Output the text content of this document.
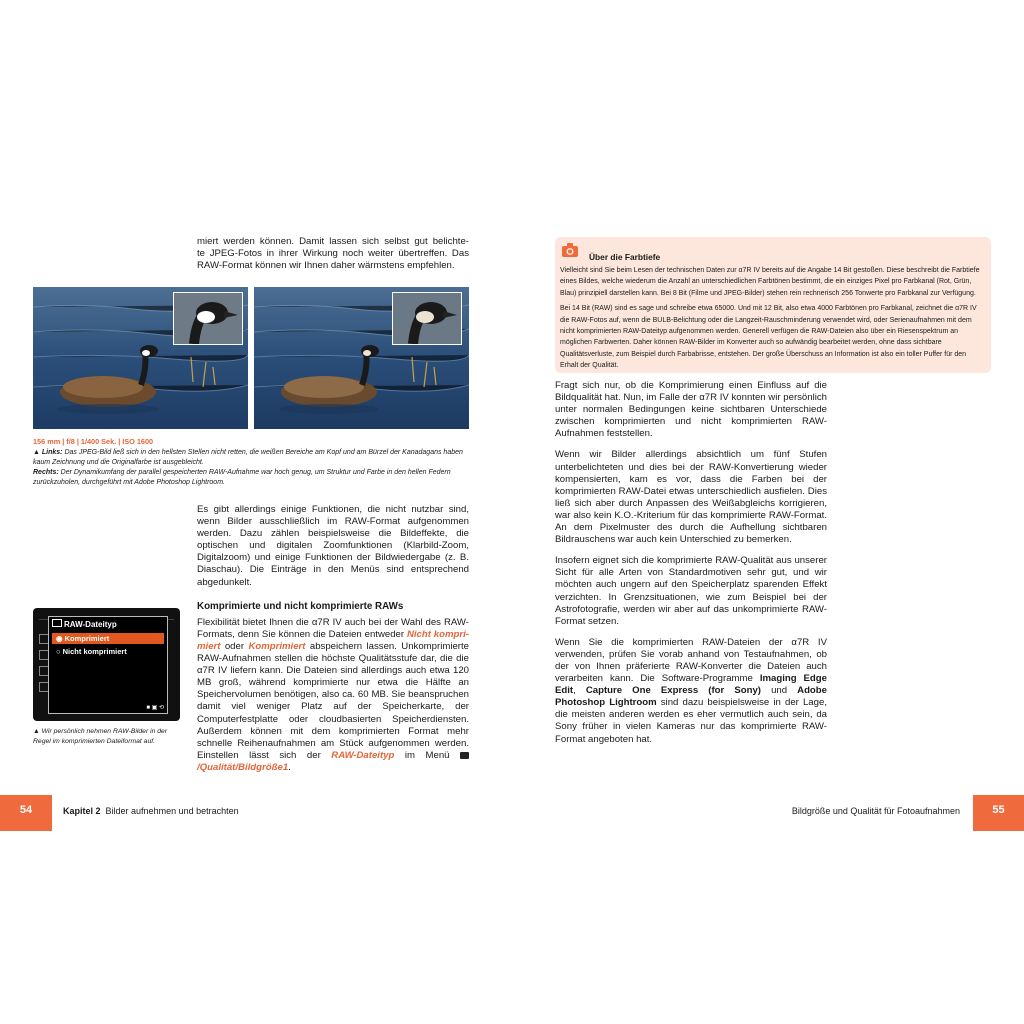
miert werden können. Damit lassen sich selbst gut belichte-
te JPEG-Fotos in ihrer Wirkung noch weiter übertreffen. Das
RAW-Format können wir Ihnen daher wärmstens empfehlen.
156 mm | f/8 | 1/400 Sek. | ISO 1600
▲ Links: Das JPEG-Bild ließ sich in den hellsten Stellen nicht retten, die weißen Bereiche am Kopf und am Bürzel der Kanadagans haben kaum Zeichnung und die Originalfarbe ist ausgebleicht.
Rechts: Der Dynamikumfang der parallel gespeicherten RAW-Aufnahme war hoch genug, um Struktur und Farbe in den hellen Federn zurückzuholen, durchgeführt mit Adobe Photoshop Lightroom.

Es gibt allerdings einige Funktionen, die nicht nutzbar sind, wenn Bilder ausschließlich im RAW-Format aufgenommen werden. Dazu zählen beispielsweise die Bildeffekte, die optischen und digitalen Zoomfunktionen (Klarbild-Zoom, Digitalzoom) und einige Funktionen der Bildwiedergabe (z. B. Diaschau). Die Einträge in den Menüs sind entsprechend abgedunkelt.

Komprimierte und nicht komprimierte RAWs

Flexibilität bietet Ihnen die α7R IV auch bei der Wahl des RAW-Formats, denn Sie können die Dateien entweder Nicht kompri-miert oder Komprimiert abspeichern lassen. Unkomprimierte RAW-Aufnahmen stellen die höchste Qualitätsstufe dar, die die α7R IV liefern kann. Die Dateien sind allerdings auch etwa 120 MB groß, während komprimierte nur etwa die Hälfte an Speichervolumen benötigen, also ca. 60 MB. Sie beanspruchen damit viel weniger Platz auf der Speicherkarte, der Computerfestplatte oder cloudbasierten Speicherdiensten. Außerdem können mit dem komprimierten Format mehr schnelle Reihenaufnahmen am Stück aufgenommen werden. Einstellen lässt sich der RAW-Dateityp im Menü /Qualität/Bildgröße1.

RAW-Dateityp
◉ Komprimiert
○ Nicht komprimiert
■ ▣ ⟲
▲ Wir persönlich nehmen RAW-Bilder in der Regel im komprimierten Dateiformat auf.
Über die Farbtiefe

Vielleicht sind Sie beim Lesen der technischen Daten zur α7R IV bereits auf die Angabe 14 Bit gestoßen. Diese beschreibt die Farbtiefe eines Bildes, welche wiederum die Anzahl an unterschiedlichen Farbtönen bestimmt, die ein einziges Pixel pro Farbkanal (Rot, Grün, Blau) prinzipiell darstellen kann. Bei 8 Bit (Filme und JPEG-Bilder) stehen rein rechnerisch 256 Tonwerte pro Farbkanal zur Verfügung.

Bei 14 Bit (RAW) sind es sage und schreibe etwa 65000. Und mit 12 Bit, also etwa 4000 Farbtönen pro Farbkanal, zeichnet die α7R IV die RAW-Fotos auf, wenn die BULB-Belichtung oder die Langzeit-Rauschminderung verwendet wird, oder Serienaufnahmen mit dem nicht komprimierten RAW-Dateityp aufgenommen werden. Generell verfügen die RAW-Dateien also über ein Riesenspektrum an möglichen Farbwerten. Daher können RAW-Bilder im Konverter auch so aufwändig bearbeitet werden, ohne dass sichtbare Qualitätsverluste, zum Beispiel durch Farbabrisse, entstehen. Der große Überschuss an Information ist also ein toller Puffer für den Erhalt der Qualität.

Fragt sich nur, ob die Komprimierung einen Einfluss auf die Bildqualität hat. Nun, im Falle der α7R IV konnten wir persönlich unter normalen Bedingungen keine sichtbaren Unterschiede zwischen komprimierten und nicht komprimierten RAW-Aufnahmen feststellen.

Wenn wir Bilder allerdings absichtlich um fünf Stufen unterbelichteten und dies bei der RAW-Konvertierung wieder kompensierten, kam es vor, dass die Farben bei der komprimierten RAW-Datei etwas unterschiedlich ausfielen. Dies ließ sich aber durch Anpassen des Weißabgleichs korrigieren, war also kein K.O.-Kriterium für das komprimierte RAW-Format. An dem Pixelmuster des durch die Aufhellung sichtbaren Bildrauschens war auch kein Unterschied zu bemerken.

Insofern eignet sich die komprimierte RAW-Qualität aus unserer Sicht für alle Arten von Standardmotiven sehr gut, und wir möchten auch ungern auf den Speicherplatz sparenden Effekt verzichten. In Grenzsituationen, wie zum Beispiel bei der Astrofotografie, werden wir aber auf das unkomprimierte RAW-Format setzen.

Wenn Sie die komprimierten RAW-Dateien der α7R IV verwenden, prüfen Sie vorab anhand von Testaufnahmen, ob der von Ihnen präferierte RAW-Konverter die Dateien auch verarbeiten kann. Die Software-Programme Imaging Edge Edit, Capture One Express (for Sony) und Adobe Photoshop Lightroom sind dazu beispielsweise in der Lage, die meisten anderen werden es eher vermutlich auch sein, da Sony früher in vielen Kameras nur das komprimierte RAW-Format angeboten hat.

54	Kapitel 2 Bilder aufnehmen und betrachten	Bildgröße und Qualität für Fotoaufnahmen	55
